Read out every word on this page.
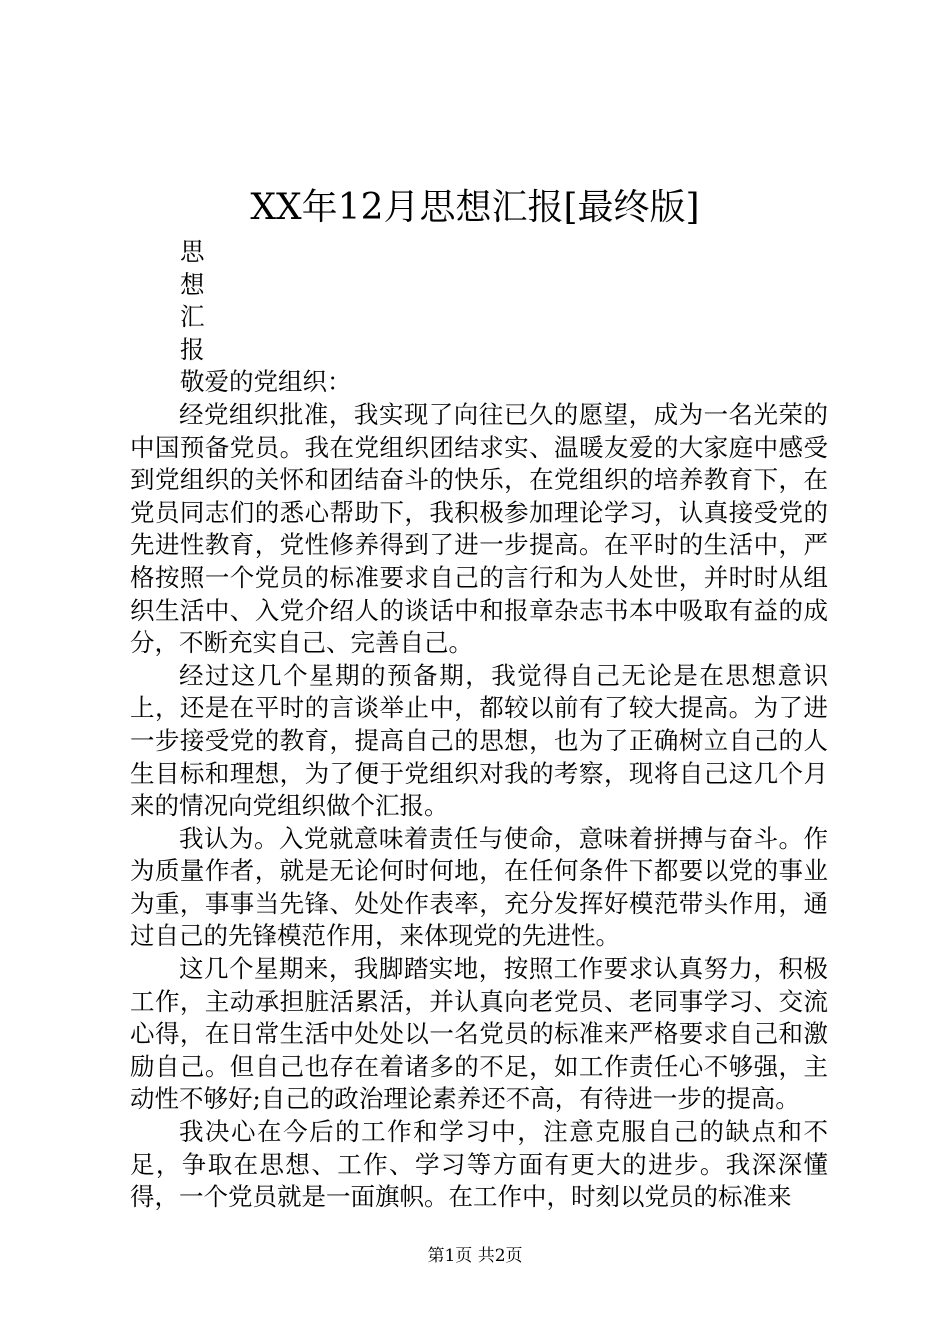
XX年12月思想汇报[最终版]

思

想

汇

报

敬爱的党组织：

经党组织批准，我实现了向往已久的愿望，成为一名光荣的中国预备党员。我在党组织团结求实、温暖友爱的大家庭中感受到党组织的关怀和团结奋斗的快乐，在党组织的培养教育下，在党员同志们的悉心帮助下，我积极参加理论学习，认真接受党的先进性教育，党性修养得到了进一步提高。在平时的生活中，严格按照一个党员的标准要求自己的言行和为人处世，并时时从组织生活中、入党介绍人的谈话中和报章杂志书本中吸取有益的成分，不断充实自己、完善自己。

经过这几个星期的预备期，我觉得自己无论是在思想意识上，还是在平时的言谈举止中，都较以前有了较大提高。为了进一步接受党的教育，提高自己的思想，也为了正确树立自己的人生目标和理想，为了便于党组织对我的考察，现将自己这几个月来的情况向党组织做个汇报。

我认为。入党就意味着责任与使命，意味着拼搏与奋斗。作为质量作者，就是无论何时何地，在任何条件下都要以党的事业为重，事事当先锋、处处作表率，充分发挥好模范带头作用，通过自己的先锋模范作用，来体现党的先进性。

这几个星期来，我脚踏实地，按照工作要求认真努力，积极工作，主动承担脏活累活，并认真向老党员、老同事学习、交流心得，在日常生活中处处以一名党员的标准来严格要求自己和激励自己。但自己也存在着诸多的不足，如工作责任心不够强，主动性不够好;自己的政治理论素养还不高，有待进一步的提高。

我决心在今后的工作和学习中，注意克服自己的缺点和不足，争取在思想、工作、学习等方面有更大的进步。我深深懂得，一个党员就是一面旗帜。在工作中，时刻以党员的标准来

第1页 共2页
